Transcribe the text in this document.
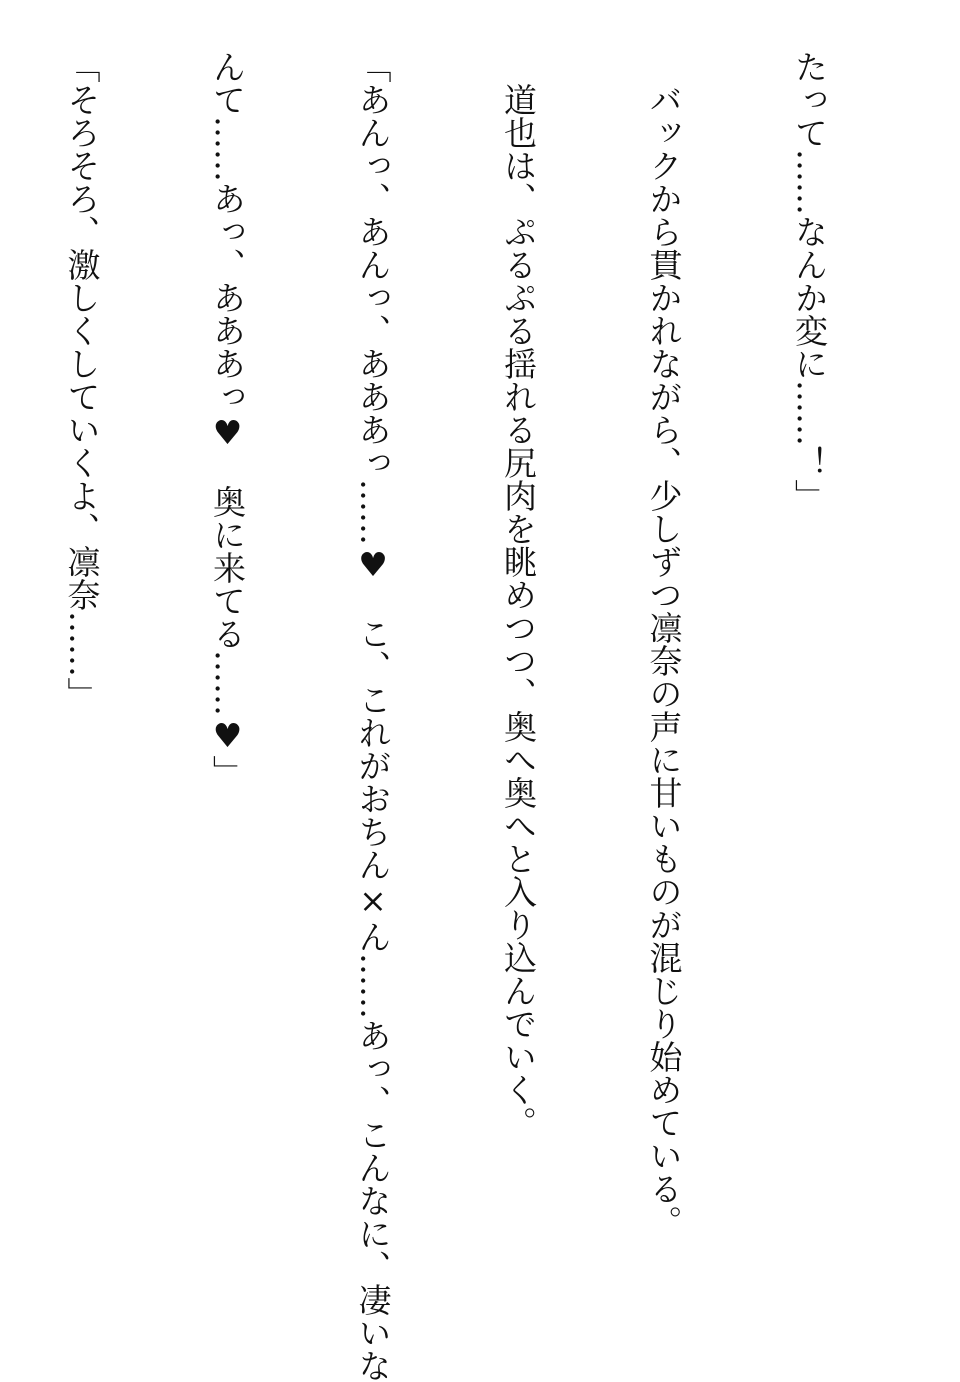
たって……なんか変に……！」

　バックから貫かれながら、少しずつ凛奈の声に甘いものが混じり始めている。

　道也は、ぷるぷる揺れる尻肉を眺めつつ、奥へ奥へと入り込んでいく。

「あんっ、あんっ、あああっ……♥　こ、これがおちん×ん……あっ、こんなに、凄いな

んて……あっ、あああっ♥　奥に来てる……♥」

「そろそろ、激しくしていくよ、凛奈……」
